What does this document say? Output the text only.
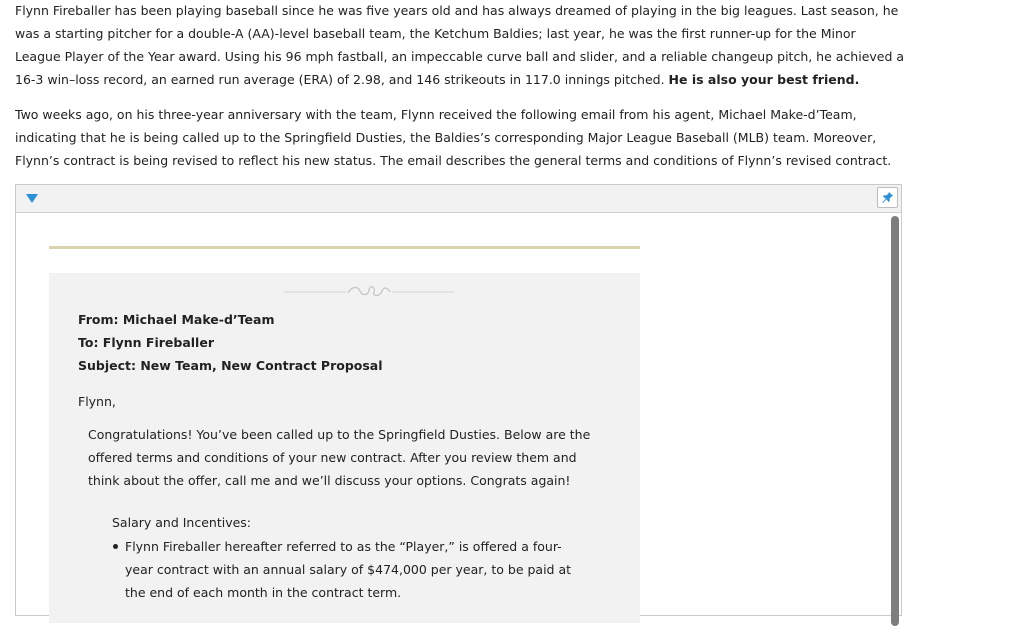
Flynn Fireballer has been playing baseball since he was five years old and has always dreamed of playing in the big leagues. Last season, he was a starting pitcher for a double-A (AA)-level baseball team, the Ketchum Baldies; last year, he was the first runner-up for the Minor League Player of the Year award. Using his 96 mph fastball, an impeccable curve ball and slider, and a reliable changeup pitch, he achieved a 16-3 win–loss record, an earned run average (ERA) of 2.98, and 146 strikeouts in 117.0 innings pitched. He is also your best friend.

Two weeks ago, on his three-year anniversary with the team, Flynn received the following email from his agent, Michael Make-d’Team, indicating that he is being called up to the Springfield Dusties, the Baldies’s corresponding Major League Baseball (MLB) team. Moreover, Flynn’s contract is being revised to reflect his new status. The email describes the general terms and conditions of Flynn’s revised contract.

From: Michael Make-d’Team

To: Flynn Fireballer

Subject: New Team, New Contract Proposal

Flynn,

Congratulations! You’ve been called up to the Springfield Dusties. Below are the offered terms and conditions of your new contract. After you review them and think about the offer, call me and we’ll discuss your options. Congrats again!

Salary and Incentives:

Flynn Fireballer hereafter referred to as the “Player,” is offered a four-year contract with an annual salary of $474,000 per year, to be paid at the end of each month in the contract term.
